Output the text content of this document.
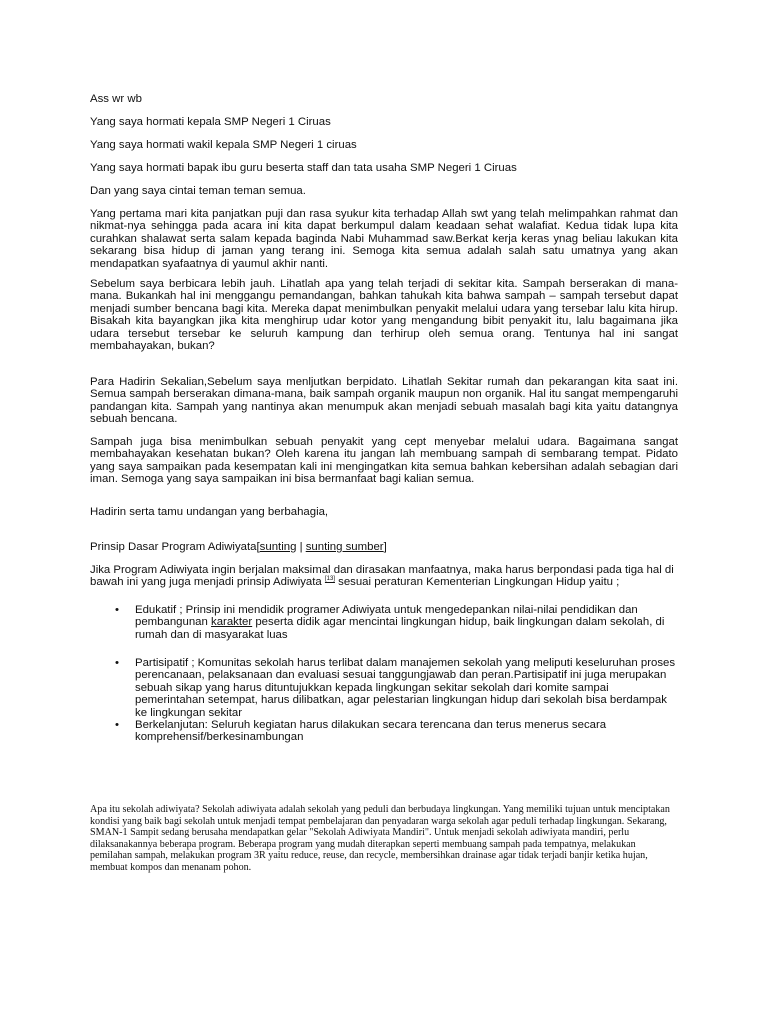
Ass wr wb

Yang saya hormati kepala SMP Negeri 1 Ciruas

Yang saya hormati wakil kepala SMP Negeri 1 ciruas

Yang saya hormati bapak ibu guru beserta staff dan tata usaha SMP Negeri 1 Ciruas

Dan yang saya cintai teman teman semua.

Yang pertama mari kita panjatkan puji dan rasa syukur kita terhadap Allah swt yang telah melimpahkan rahmat dan nikmat-nya sehingga pada acara ini kita dapat berkumpul dalam keadaan sehat walafiat. Kedua tidak lupa kita curahkan shalawat serta salam kepada baginda Nabi Muhammad saw.Berkat kerja keras ynag beliau lakukan kita sekarang bisa hidup di jaman yang terang ini. Semoga kita semua adalah salah satu umatnya yang akan mendapatkan syafaatnya di yaumul akhir nanti.

Sebelum saya berbicara lebih jauh. Lihatlah apa yang telah terjadi di sekitar kita. Sampah berserakan di mana-mana. Bukankah hal ini menggangu pemandangan, bahkan tahukah kita bahwa sampah – sampah tersebut dapat menjadi sumber bencana bagi kita. Mereka dapat menimbulkan penyakit melalui udara yang tersebar lalu kita hirup. Bisakah kita bayangkan jika kita menghirup udar kotor yang mengandung bibit penyakit itu, lalu bagaimana jika udara tersebut tersebar ke seluruh kampung dan terhirup oleh semua orang. Tentunya hal ini sangat membahayakan, bukan?

Para Hadirin Sekalian,Sebelum saya menljutkan berpidato. Lihatlah Sekitar rumah dan pekarangan kita saat ini. Semua sampah berserakan dimana-mana, baik sampah organik maupun non organik. Hal itu sangat mempengaruhi pandangan kita. Sampah yang nantinya akan menumpuk akan menjadi sebuah masalah bagi kita yaitu datangnya sebuah bencana.

Sampah juga bisa menimbulkan sebuah penyakit yang cept menyebar melalui udara. Bagaimana sangat membahayakan kesehatan bukan? Oleh karena itu jangan lah membuang sampah di sembarang tempat. Pidato yang saya sampaikan pada kesempatan kali ini mengingatkan kita semua bahkan kebersihan adalah sebagian dari iman. Semoga yang saya sampaikan ini bisa bermanfaat bagi kalian semua.

Hadirin serta tamu undangan yang berbahagia,

Prinsip Dasar Program Adiwiyata[sunting | sunting sumber]

Jika Program Adiwiyata ingin berjalan maksimal dan dirasakan manfaatnya, maka harus berpondasi pada tiga hal di bawah ini yang juga menjadi prinsip Adiwiyata [13] sesuai peraturan Kementerian Lingkungan Hidup yaitu ;

• Edukatif ; Prinsip ini mendidik programer Adiwiyata untuk mengedepankan nilai-nilai pendidikan dan pembangunan karakter peserta didik agar mencintai lingkungan hidup, baik lingkungan dalam sekolah, di rumah dan di masyarakat luas

• Partisipatif ; Komunitas sekolah harus terlibat dalam manajemen sekolah yang meliputi keseluruhan proses perencanaan, pelaksanaan dan evaluasi sesuai tanggungjawab dan peran.Partisipatif ini juga merupakan sebuah sikap yang harus dituntujukkan kepada lingkungan sekitar sekolah dari komite sampai pemerintahan setempat, harus dilibatkan, agar pelestarian lingkungan hidup dari sekolah bisa berdampak ke lingkungan sekitar

• Berkelanjutan: Seluruh kegiatan harus dilakukan secara terencana dan terus menerus secara komprehensif/berkesinambungan

Apa itu sekolah adiwiyata? Sekolah adiwiyata adalah sekolah yang peduli dan berbudaya lingkungan. Yang memiliki tujuan untuk menciptakan kondisi yang baik bagi sekolah untuk menjadi tempat pembelajaran dan penyadaran warga sekolah agar peduli terhadap lingkungan. Sekarang, SMAN-1 Sampit sedang berusaha mendapatkan gelar "Sekolah Adiwiyata Mandiri". Untuk menjadi sekolah adiwiyata mandiri, perlu dilaksanakannya beberapa program. Beberapa program yang mudah diterapkan seperti membuang sampah pada tempatnya, melakukan pemilahan sampah, melakukan program 3R yaitu reduce, reuse, dan recycle, membersihkan drainase agar tidak terjadi banjir ketika hujan, membuat kompos dan menanam pohon.
